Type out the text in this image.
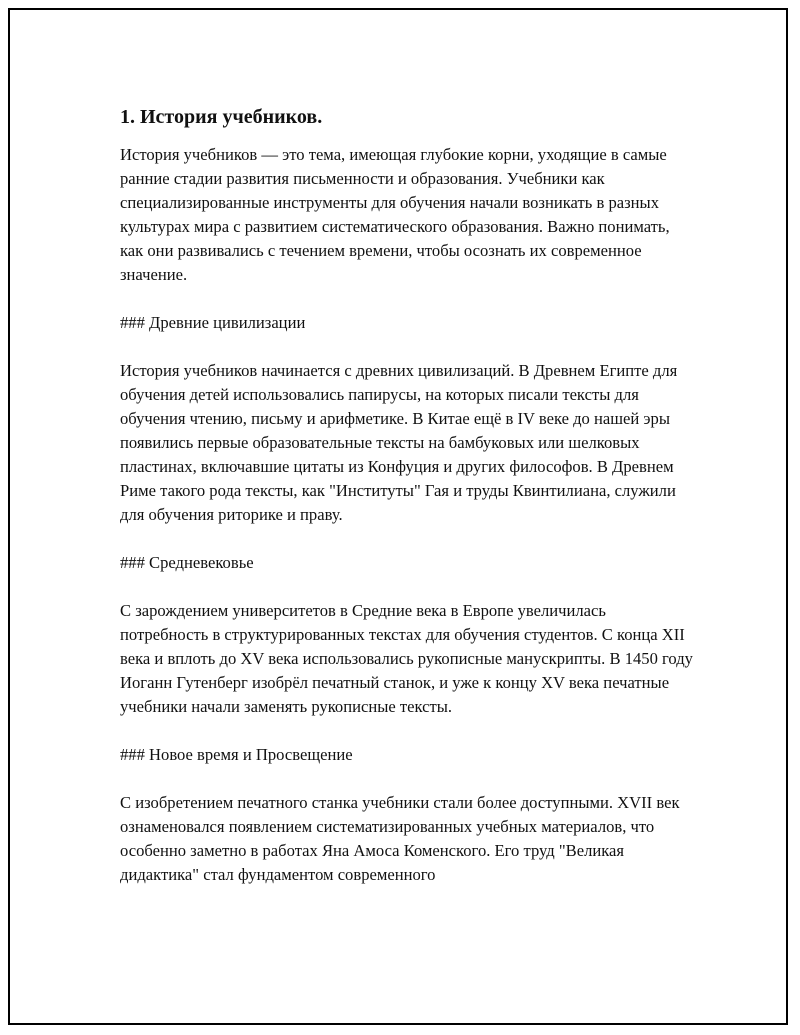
1. История учебников.

История учебников — это тема, имеющая глубокие корни, уходящие в самые ранние стадии развития письменности и образования. Учебники как специализированные инструменты для обучения начали возникать в разных культурах мира с развитием систематического образования. Важно понимать, как они развивались с течением времени, чтобы осознать их современное значение.

### Древние цивилизации

История учебников начинается с древних цивилизаций. В Древнем Египте для обучения детей использовались папирусы, на которых писали тексты для обучения чтению, письму и арифметике. В Китае ещё в IV веке до нашей эры появились первые образовательные тексты на бамбуковых или шелковых пластинах, включавшие цитаты из Конфуция и других философов. В Древнем Риме такого рода тексты, как "Институты" Гая и труды Квинтилиана, служили для обучения риторике и праву.

### Средневековье

С зарождением университетов в Средние века в Европе увеличилась потребность в структурированных текстах для обучения студентов. С конца XII века и вплоть до XV века использовались рукописные манускрипты. В 1450 году Иоганн Гутенберг изобрёл печатный станок, и уже к концу XV века печатные учебники начали заменять рукописные тексты.

### Новое время и Просвещение

С изобретением печатного станка учебники стали более доступными. XVII век ознаменовался появлением систематизированных учебных материалов, что особенно заметно в работах Яна Амоса Коменского. Его труд "Великая дидактика" стал фундаментом современного
